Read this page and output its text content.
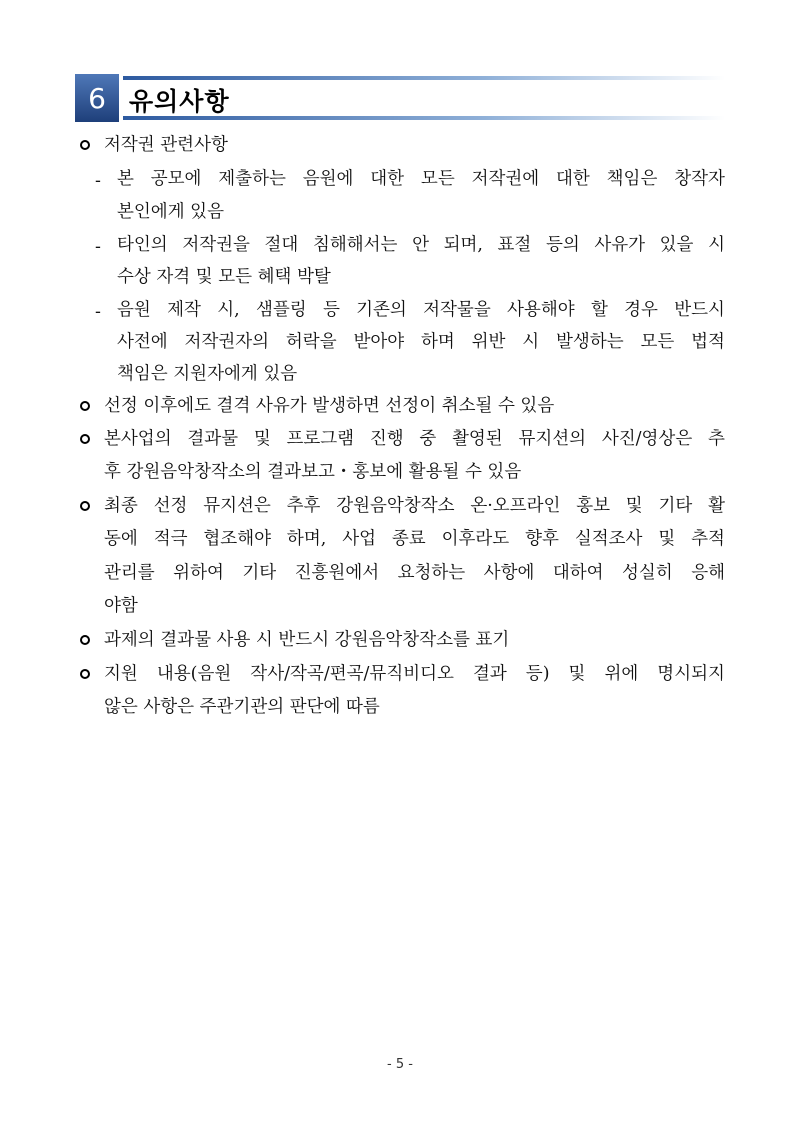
6 유의사항
저작권 관련사항
- 본 공모에 제출하는 음원에 대한 모든 저작권에 대한 책임은 창작자
본인에게 있음
- 타인의 저작권을 절대 침해해서는 안 되며, 표절 등의 사유가 있을 시
수상 자격 및 모든 혜택 박탈
- 음원 제작 시, 샘플링 등 기존의 저작물을 사용해야 할 경우 반드시
사전에 저작권자의 허락을 받아야 하며 위반 시 발생하는 모든 법적
책임은 지원자에게 있음
선정 이후에도 결격 사유가 발생하면 선정이 취소될 수 있음
본사업의 결과물 및 프로그램 진행 중 촬영된 뮤지션의 사진/영상은 추
후 강원음악창작소의 결과보고・홍보에 활용될 수 있음
최종 선정 뮤지션은 추후 강원음악창작소 온·오프라인 홍보 및 기타 활
동에 적극 협조해야 하며, 사업 종료 이후라도 향후 실적조사 및 추적
관리를 위하여 기타 진흥원에서 요청하는 사항에 대하여 성실히 응해
야함
과제의 결과물 사용 시 반드시 강원음악창작소를 표기
지원 내용(음원 작사/작곡/편곡/뮤직비디오 결과 등) 및 위에 명시되지
않은 사항은 주관기관의 판단에 따름
- 5 -
